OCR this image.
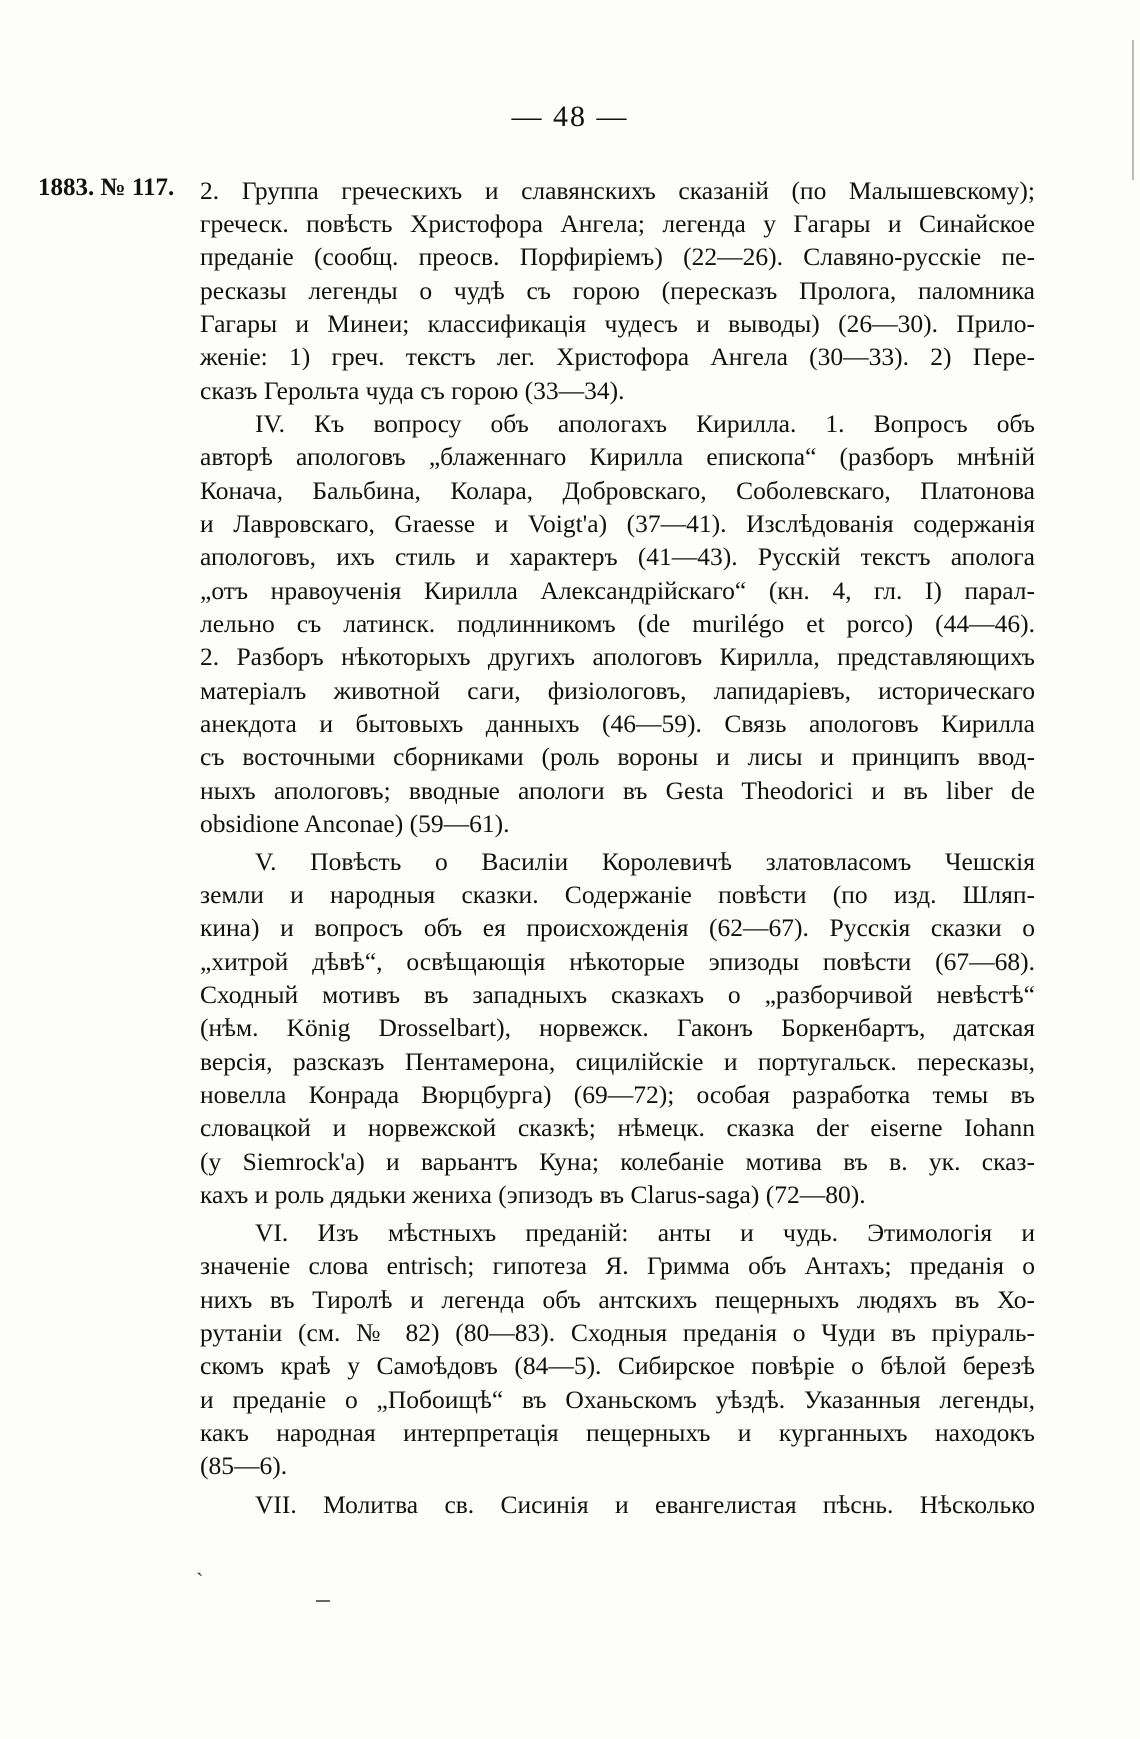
— 48 —
1883. № 117.
`
2. Группа греческихъ и славянскихъ сказаній (по Малышевскому);
греческ. повѣсть Христофора Ангела; легенда у Гагары и Синайское
преданіе (сообщ. преосв. Порфиріемъ) (22—26). Славяно-русскіе пе-
ресказы легенды о чудѣ съ горою (пересказъ Пролога, паломника
Гагары и Минеи; классификація чудесъ и выводы) (26—30). Прило-
женіе: 1) греч. текстъ лег. Христофора Ангела (30—33). 2) Пере-
сказъ Герольта чуда съ горою (33—34).
IV. Къ вопросу объ апологахъ Кирилла. 1. Вопросъ объ
авторѣ апологовъ „блаженнаго Кирилла епископа“ (разборъ мнѣній
Конача, Бальбина, Колара, Добровскаго, Соболевскаго, Платонова
и Лавровскаго, Graesse и Voigt'а) (37—41). Изслѣдованія содержанія
апологовъ, ихъ стиль и характеръ (41—43). Русскій текстъ аполога
„отъ нравоученія Кирилла Александрійскаго“ (кн. 4, гл. I) парал-
лельно съ латинск. подлинникомъ (de murilégo et porco) (44—46).
2. Разборъ нѣкоторыхъ другихъ апологовъ Кирилла, представляющихъ
матеріалъ животной саги, физіологовъ, лапидаріевъ, историческаго
анекдота и бытовыхъ данныхъ (46—59). Связь апологовъ Кирилла
съ восточными сборниками (роль вороны и лисы и принципъ ввод-
ныхъ апологовъ; вводные апологи въ Gesta Theodorici и въ liber de
obsidione Anconae) (59—61).
V. Повѣсть о Василіи Королевичѣ златовласомъ Чешскія
земли и народныя сказки. Содержаніе повѣсти (по изд. Шляп-
кина) и вопросъ объ ея происхожденія (62—67). Русскія сказки о
„хитрой дѣвѣ“, освѣщающія нѣкоторые эпизоды повѣсти (67—68).
Сходный мотивъ въ западныхъ сказкахъ о „разборчивой невѣстѣ“
(нѣм. König Drosselbart), норвежск. Гаконъ Боркенбартъ, датская
версія, разсказъ Пентамерона, сицилійскіе и португальск. пересказы,
новелла Конрада Вюрцбурга) (69—72); особая разработка темы въ
словацкой и норвежской сказкѣ; нѣмецк. сказка der eiserne Iohann
(у Siemrock'а) и варьантъ Куна; колебаніе мотива въ в. ук. сказ-
кахъ и роль дядьки жениха (эпизодъ въ Clarus-saga) (72—80).
VI. Изъ мѣстныхъ преданій: анты и чудь. Этимологія и
значеніе слова entrisch; гипотеза Я. Гримма объ Антахъ; преданія о
нихъ въ Тиролѣ и легенда объ антскихъ пещерныхъ людяхъ въ Хо-
рутаніи (см. № 82) (80—83). Сходныя преданія о Чуди въ пріураль-
скомъ краѣ у Самоѣдовъ (84—5). Сибирское повѣріе о бѣлой березѣ
и преданіе о „Побоищѣ“ въ Оханьскомъ уѣздѣ. Указанныя легенды,
какъ народная интерпретація пещерныхъ и курганныхъ находокъ
(85—6).
VII. Молитва св. Сисинія и евангелистая пѣснь. Нѣсколько
